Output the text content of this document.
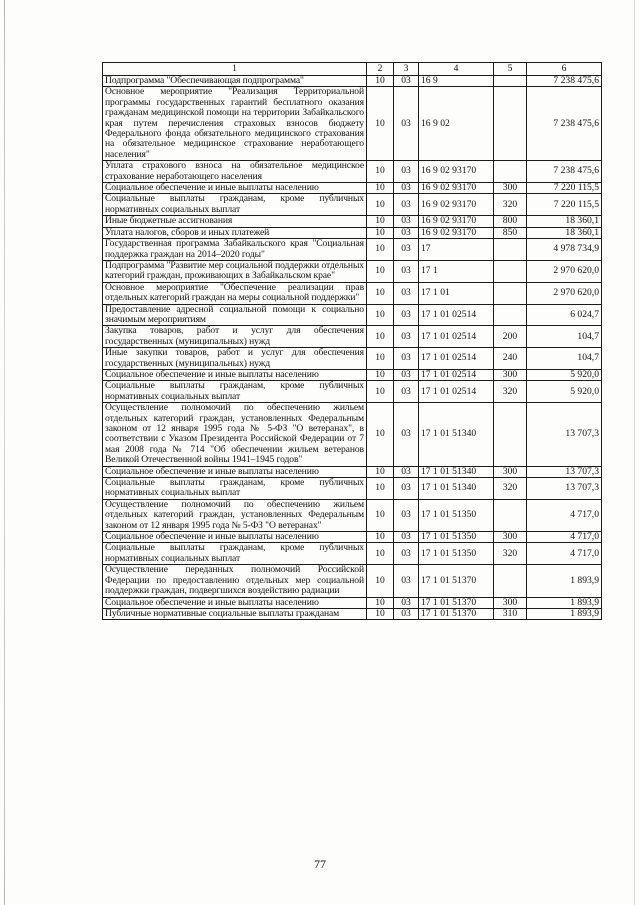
1	2	3	4	5	6
Подпрограмма "Обеспечивающая подпрограмма"	10	03	16 9		7 238 475,6
Основное мероприятие "Реализация Территориальной программы государственных гарантий бесплатного оказания гражданам медицинской помощи на территории Забайкальского края путем перечисления страховых взносов бюджету Федерального фонда обязательного медицинского страхования на обязательное медицинское страхование неработающего населения"	10	03	16 9 02		7 238 475,6
Уплата страхового взноса на обязательное медицинское страхование неработающего населения	10	03	16 9 02 93170		7 238 475,6
Социальное обеспечение и иные выплаты населению	10	03	16 9 02 93170	300	7 220 115,5
Социальные выплаты гражданам, кроме публичных нормативных социальных выплат	10	03	16 9 02 93170	320	7 220 115,5
Иные бюджетные ассигнования	10	03	16 9 02 93170	800	18 360,1
Уплата налогов, сборов и иных платежей	10	03	16 9 02 93170	850	18 360,1
Государственная программа Забайкальского края "Социальная поддержка граждан на 2014–2020 годы"	10	03	17		4 978 734,9
Подпрограмма "Развитие мер социальной поддержки отдельных категорий граждан, проживающих в Забайкальском крае"	10	03	17 1		2 970 620,0
Основное мероприятие "Обеспечение реализации прав отдельных категорий граждан на меры социальной поддержки"	10	03	17 1 01		2 970 620,0
Предоставление адресной социальной помощи к социально значимым мероприятиям	10	03	17 1 01 02514		6 024,7
Закупка товаров, работ и услуг для обеспечения государственных (муниципальных) нужд	10	03	17 1 01 02514	200	104,7
Иные закупки товаров, работ и услуг для обеспечения государственных (муниципальных) нужд	10	03	17 1 01 02514	240	104,7
Социальное обеспечение и иные выплаты населению	10	03	17 1 01 02514	300	5 920,0
Социальные выплаты гражданам, кроме публичных нормативных социальных выплат	10	03	17 1 01 02514	320	5 920,0
Осуществление полномочий по обеспечению жильем отдельных категорий граждан, установленных Федеральным законом от 12 января 1995 года № 5-ФЗ "О ветеранах", в соответствии с Указом Президента Российской Федерации от 7 мая 2008 года № 714 "Об обеспечении жильем ветеранов Великой Отечественной войны 1941–1945 годов"	10	03	17 1 01 51340		13 707,3
Социальное обеспечение и иные выплаты населению	10	03	17 1 01 51340	300	13 707,3
Социальные выплаты гражданам, кроме публичных нормативных социальных выплат	10	03	17 1 01 51340	320	13 707,3
Осуществление полномочий по обеспечению жильем отдельных категорий граждан, установленных Федеральным законом от 12 января 1995 года № 5-ФЗ "О ветеранах"	10	03	17 1 01 51350		4 717,0
Социальное обеспечение и иные выплаты населению	10	03	17 1 01 51350	300	4 717,0
Социальные выплаты гражданам, кроме публичных нормативных социальных выплат	10	03	17 1 01 51350	320	4 717,0
Осуществление переданных полномочий Российской Федерации по предоставлению отдельных мер социальной поддержки граждан, подвергшихся воздействию радиации	10	03	17 1 01 51370		1 893,9
Социальное обеспечение и иные выплаты населению	10	03	17 1 01 51370	300	1 893,9
Публичные нормативные социальные выплаты гражданам	10	03	17 1 01 51370	310	1 893,9
77
